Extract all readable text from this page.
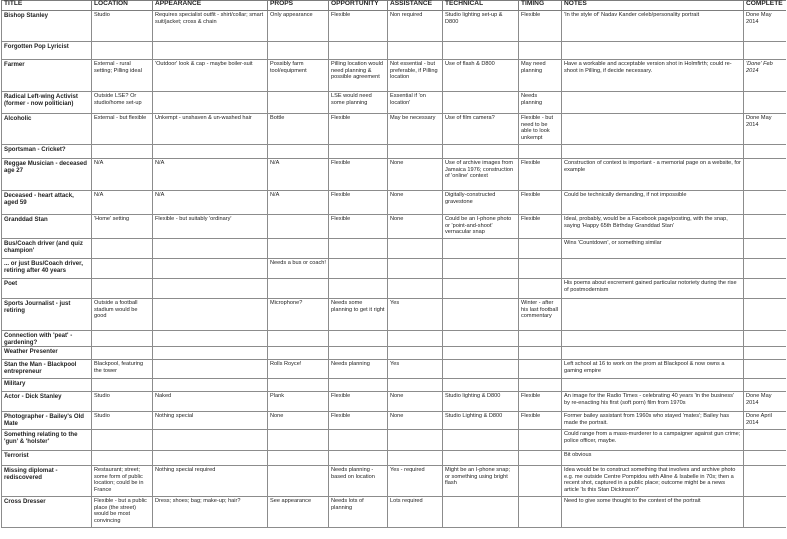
TITLE	LOCATION	APPEARANCE	PROPS	OPPORTUNITY	ASSISTANCE	TECHNICAL	TIMING	NOTES	COMPLETE
Bishop Stanley	Studio	Requires specialist outfit - shirt/collar; smart suit/jacket; cross & chain	Only appearance	Flexible	Non required	Studio lighting set-up & D800	Flexible	'In the style of' Nadav Kander celeb/personality portrait	Done May 2014
Forgotten Pop Lyricist									
Farmer	External - rural setting; Pilling ideal	'Outdoor' look & cap - maybe boiler-suit	Possibly farm tool/equipment	Pilling location would need planning & possible agreement	Not essential - but preferable, if Pilling location	Use of flash & D800	May need planning	Have a workable and acceptable version shot in Holmfirth; could re-shoot in Pilling, if decide necessary.	'Done' Feb 2014
Radical Left-wing Activist (former - now politician)	Outside LSE? Or studio/home set-up			LSE would need some planning	Essential if 'on location'		Needs planning		
Alcoholic	External - but flexible	Unkempt - unshaven & un-washed hair	Bottle	Flexible	May be necessary	Use of film camera?	Flexible - but need to be able to look unkempt		Done May 2014
Sportsman - Cricket?									
Reggae Musician - deceased age 27	N/A	N/A	N/A	Flexible	None	Use of archive images from Jamaica 1976; construction of 'online' context	Flexible	Construction of context is important - a memorial page on a website, for example	
Deceased - heart attack, aged 59	N/A	N/A	N/A	Flexible	None	Digitally-constructed gravestone	Flexible	Could be technically demanding, if not impossible	
Granddad Stan	'Home' setting	Flexible - but suitably 'ordinary'		Flexible	None	Could be an I-phone photo or 'point-and-shoot' vernacular snap	Flexible	Ideal, probably, would be a Facebook page/posting, with the snap, saying 'Happy 65th Birthday Granddad Stan'	
Bus/Coach driver (and quiz champion'								Wins 'Countdown', or something similar	
... or just Bus/Coach driver, retiring after 40 years			Needs a bus or coach!						
Poet								His poems about excrement gained particular notoriety during the rise of postmodernism	
Sports Journalist - just retiring	Outside a football stadium would be good		Microphone?	Needs some planning to get it right	Yes		Winter - after his last football commentary		
Connection with 'peat' - gardening?									
Weather Presenter									
Stan the Man - Blackpool entrepreneur	Blackpool, featuring the tower		Rolls Royce!	Needs planning	Yes			Left school at 16 to work on the prom at Blackpool & now owns a gaming empire	
Military									
Actor - Dick Stanley	Studio	Naked	Plank	Flexible	None	Studio lighting & D800	Flexible	An image for the Radio Times - celebrating 40 years 'in the business' by re-enacting his first (soft porn) film from 1970s	Done May 2014
Photographer - Bailey's Old Mate	Studio	Nothing special	None	Flexible	None	Studio Lighting & D800	Flexible	Former bailey assistant from 1960s who stayed 'mates'; Bailey has made the portrait.	Done April 2014
Something relating to the 'gun' & 'holster'								Could range from a mass-murderer to a campaigner against gun crime; police officer, maybe.	
Terrorist								Bit obvious	
Missing diplomat - rediscovered	Restaurant; street; some form of public location; could be in France	Nothing special required		Needs planning - based on location	Yes - required	Might be an I-phone snap; or something using bright flash		Idea would be to construct something that involves and archive photo e.g. me outside Centre Pompidou with Aline & Isabelle in 70s; then a recent shot, captured in a public place; outcome might be a news article 'Is this Stan Dickinson?'	
Cross Dresser	Flexible - but a public place (the street) would be most convincing	Dress; shoes; bag; make-up; hair?	See appearance	Needs lots of planning	Lots required			Need to give some thought to the context of the portrait	
